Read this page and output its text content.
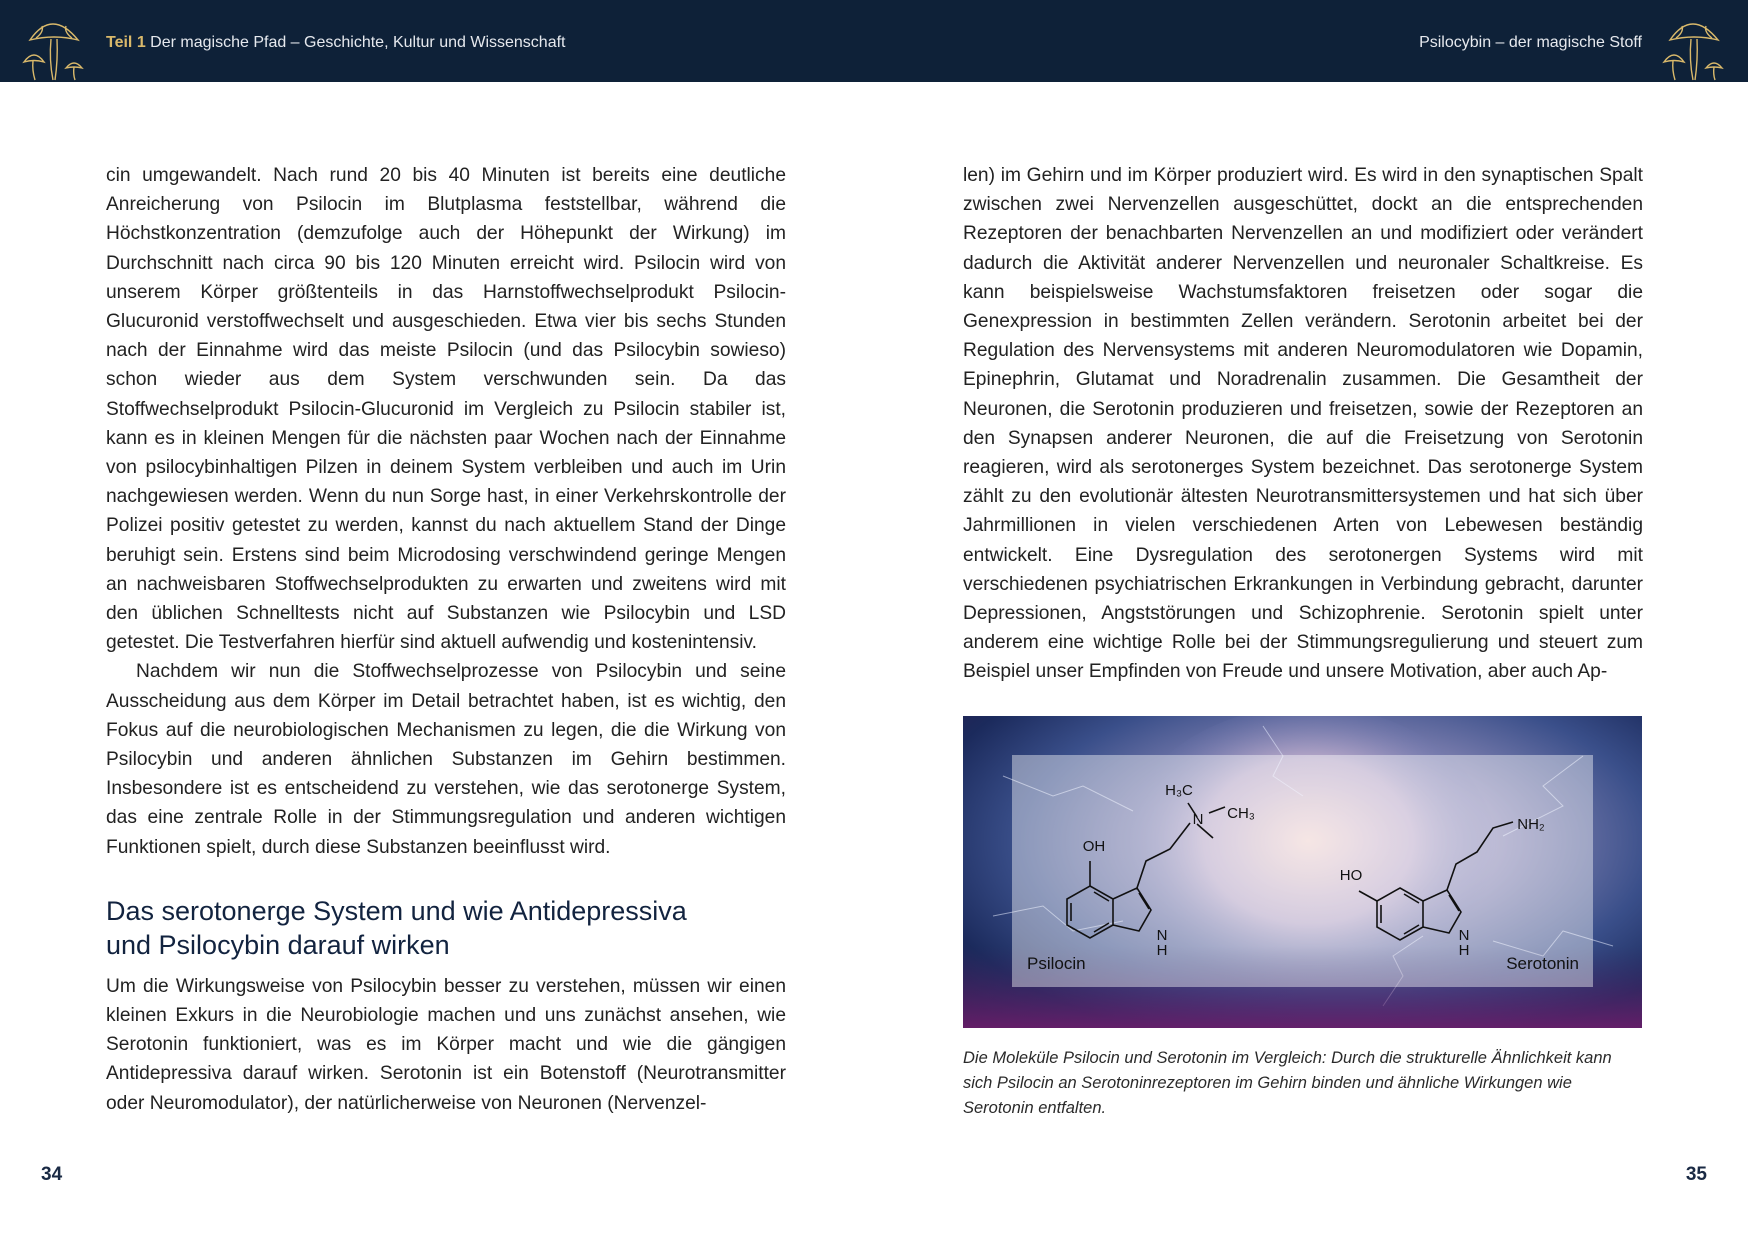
Teil 1 Der magische Pfad – Geschichte, Kultur und Wissenschaft	Psilocybin – der magische Stoff

cin umgewandelt. Nach rund 20 bis 40 Minuten ist bereits eine deutliche Anreicherung von Psilocin im Blutplasma feststellbar, während die Höchstkonzentration (demzufolge auch der Höhepunkt der Wirkung) im Durchschnitt nach circa 90 bis 120 Minuten erreicht wird. Psilocin wird von unserem Körper größtenteils in das Harnstoffwechselprodukt Psilocin-Glucuronid verstoffwechselt und ausgeschieden. Etwa vier bis sechs Stunden nach der Einnahme wird das meiste Psilocin (und das Psilocybin sowieso) schon wieder aus dem System verschwunden sein. Da das Stoffwechselprodukt Psilocin-Glucuronid im Vergleich zu Psilocin stabiler ist, kann es in kleinen Mengen für die nächsten paar Wochen nach der Einnahme von psilocybinhaltigen Pilzen in deinem System verbleiben und auch im Urin nachgewiesen werden. Wenn du nun Sorge hast, in einer Verkehrskontrolle der Polizei positiv getestet zu werden, kannst du nach aktuellem Stand der Dinge beruhigt sein. Erstens sind beim Microdosing verschwindend geringe Mengen an nachweisbaren Stoffwechselprodukten zu erwarten und zweitens wird mit den üblichen Schnelltests nicht auf Substanzen wie Psilocybin und LSD getestet. Die Testverfahren hierfür sind aktuell aufwendig und kostenintensiv.

Nachdem wir nun die Stoffwechselprozesse von Psilocybin und seine Ausscheidung aus dem Körper im Detail betrachtet haben, ist es wichtig, den Fokus auf die neurobiologischen Mechanismen zu legen, die die Wirkung von Psilocybin und anderen ähnlichen Substanzen im Gehirn bestimmen. Insbesondere ist es entscheidend zu verstehen, wie das serotonerge System, das eine zentrale Rolle in der Stimmungsregulation und anderen wichtigen Funktionen spielt, durch diese Substanzen beeinflusst wird.

Das serotonerge System und wie Antidepressiva
und Psilocybin darauf wirken

Um die Wirkungsweise von Psilocybin besser zu verstehen, müssen wir einen kleinen Exkurs in die Neurobiologie machen und uns zunächst ansehen, wie Serotonin funktioniert, was es im Körper macht und wie die gängigen Antidepressiva darauf wirken. Serotonin ist ein Botenstoff (Neurotransmitter oder Neuromodulator), der natürlicherweise von Neuronen (Nervenzel-

len) im Gehirn und im Körper produziert wird. Es wird in den synaptischen Spalt zwischen zwei Nervenzellen ausgeschüttet, dockt an die entsprechenden Rezeptoren der benachbarten Nervenzellen an und modifiziert oder verändert dadurch die Aktivität anderer Nervenzellen und neuronaler Schaltkreise. Es kann beispielsweise Wachstumsfaktoren freisetzen oder sogar die Genexpression in bestimmten Zellen verändern. Serotonin arbeitet bei der Regulation des Nervensystems mit anderen Neuromodulatoren wie Dopamin, Epinephrin, Glutamat und Noradrenalin zusammen. Die Gesamtheit der Neuronen, die Serotonin produzieren und freisetzen, sowie der Rezeptoren an den Synapsen anderer Neuronen, die auf die Freisetzung von Serotonin reagieren, wird als serotonerges System bezeichnet. Das serotonerge System zählt zu den evolutionär ältesten Neurotransmittersystemen und hat sich über Jahrmillionen in vielen verschiedenen Arten von Lebewesen beständig entwickelt. Eine Dysregulation des serotonergen Systems wird mit verschiedenen psychiatrischen Erkrankungen in Verbindung gebracht, darunter Depressionen, Angststörungen und Schizophrenie. Serotonin spielt unter anderem eine wichtige Rolle bei der Stimmungsregulierung und steuert zum Beispiel unser Empfinden von Freude und unsere Motivation, aber auch Ap-

OH
H₃C
N CH₃
N
H
HO
NH₂
N
H
Psilocin	Serotonin
Die Moleküle Psilocin und Serotonin im Vergleich: Durch die strukturelle Ähnlichkeit kann sich Psilocin an Serotoninrezeptoren im Gehirn binden und ähnliche Wirkungen wie Serotonin entfalten.
34	35
